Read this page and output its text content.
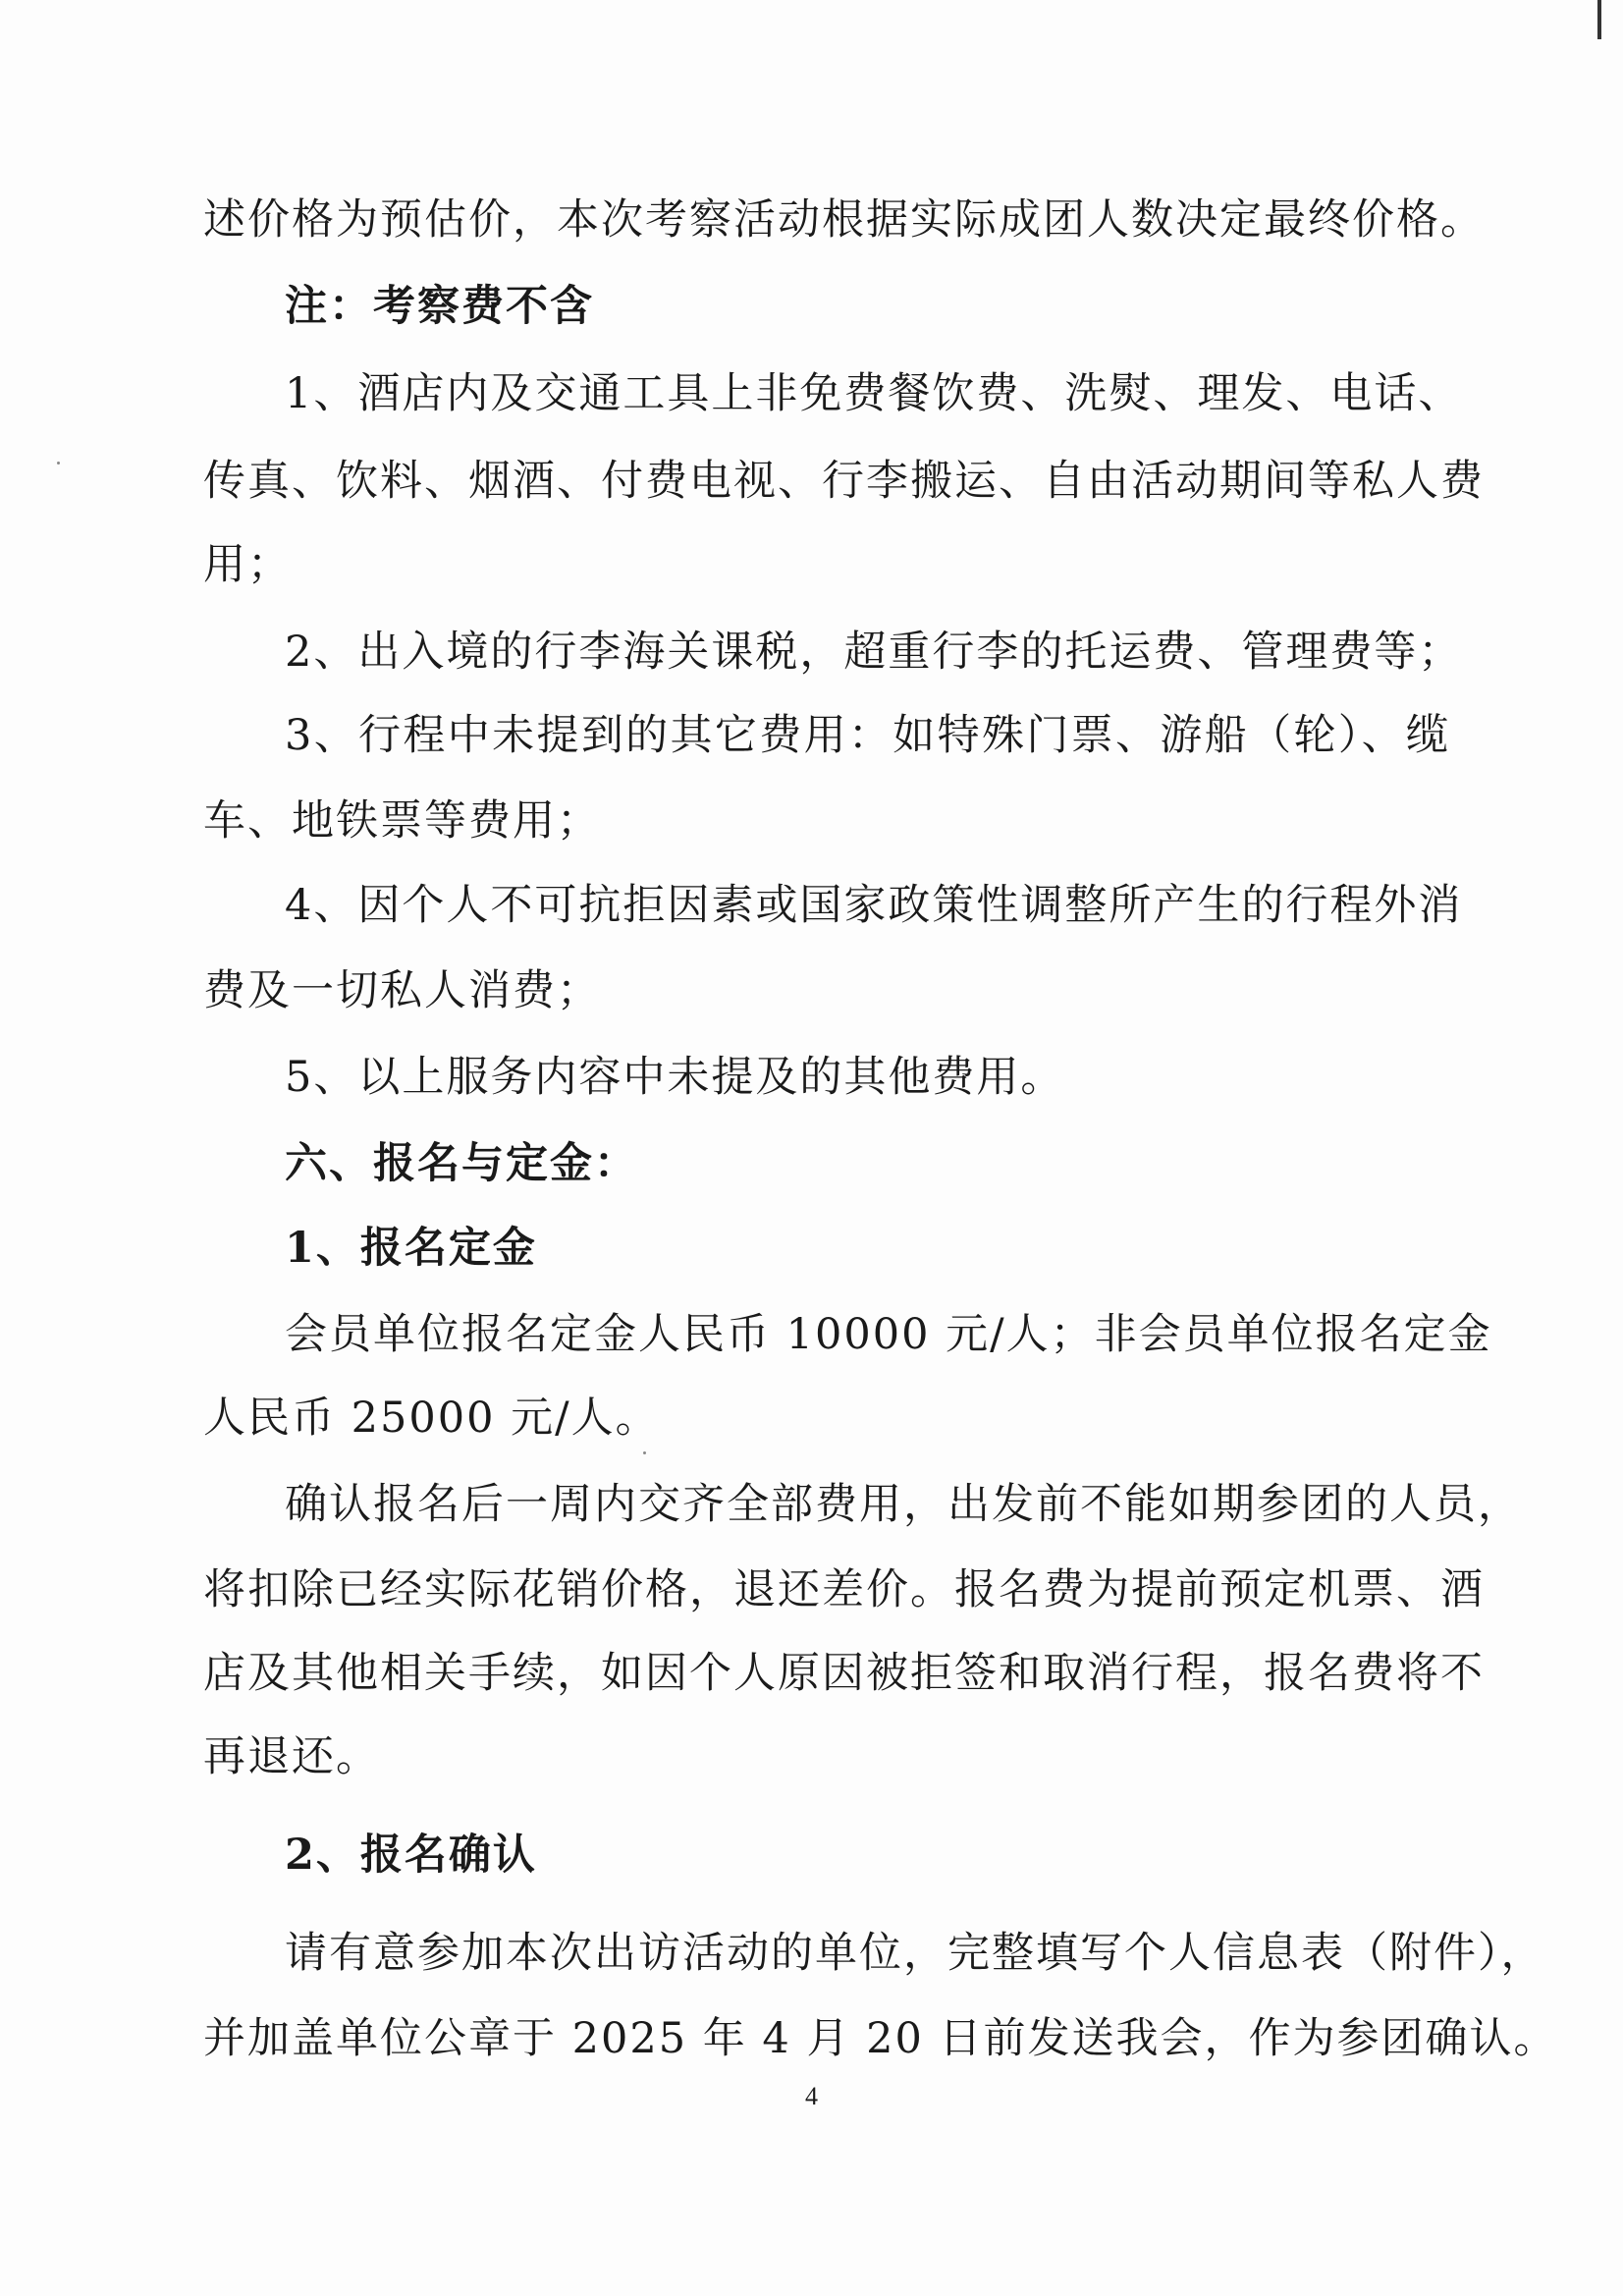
述价格为预估价，本次考察活动根据实际成团人数决定最终价格。
注：考察费不含
1、酒店内及交通工具上非免费餐饮费、洗熨、理发、电话、
传真、饮料、烟酒、付费电视、行李搬运、自由活动期间等私人费
用；
2、出入境的行李海关课税，超重行李的托运费、管理费等；
3、行程中未提到的其它费用：如特殊门票、游船（轮）、缆
车、地铁票等费用；
4、因个人不可抗拒因素或国家政策性调整所产生的行程外消
费及一切私人消费；
5、以上服务内容中未提及的其他费用。
六、报名与定金：
1、报名定金
会员单位报名定金人民币 10000 元/人；非会员单位报名定金
人民币 25000 元/人。
确认报名后一周内交齐全部费用，出发前不能如期参团的人员，
将扣除已经实际花销价格，退还差价。报名费为提前预定机票、酒
店及其他相关手续，如因个人原因被拒签和取消行程，报名费将不
再退还。
2、报名确认
请有意参加本次出访活动的单位，完整填写个人信息表（附件），
并加盖单位公章于 2025 年 4 月 20 日前发送我会，作为参团确认。
4
